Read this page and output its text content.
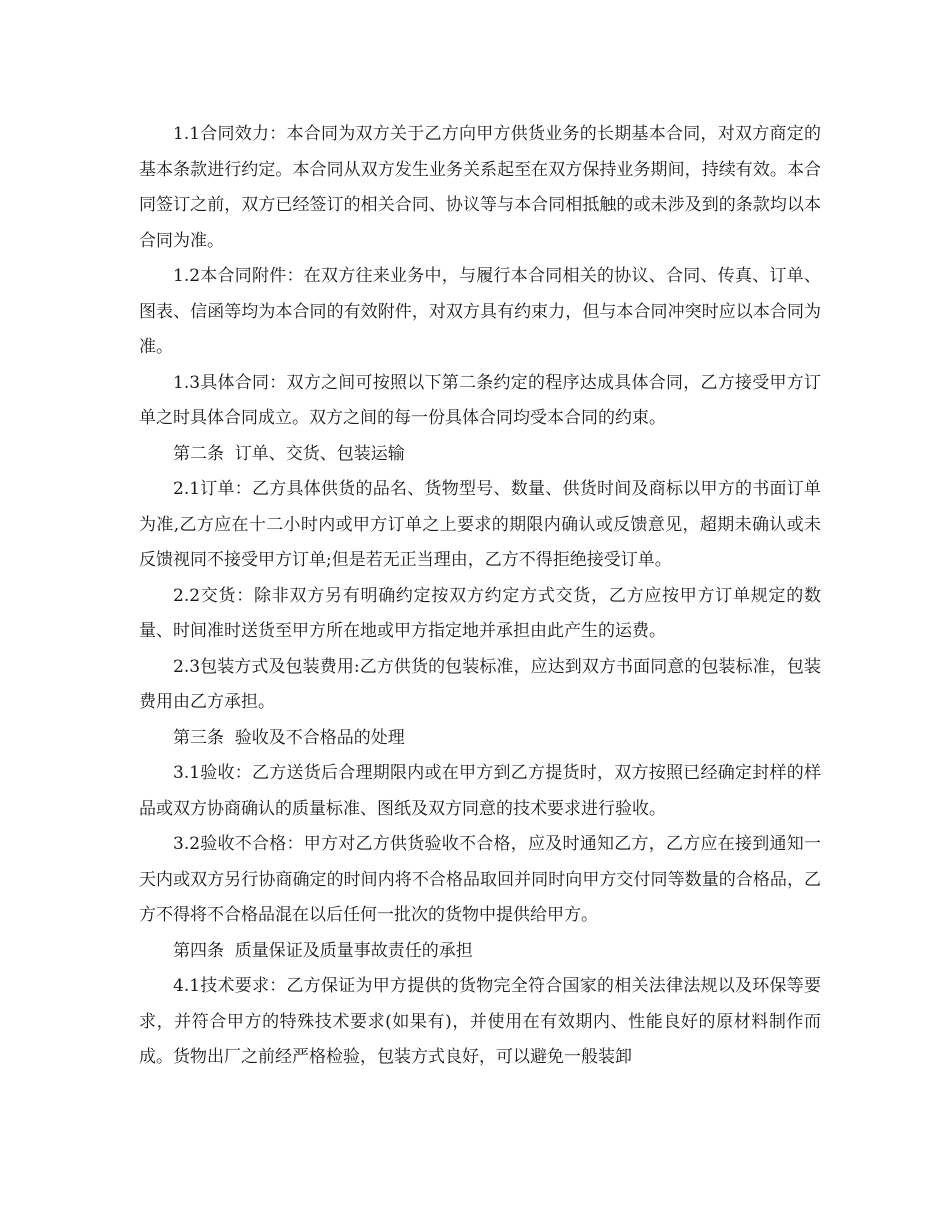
1.1合同效力：本合同为双方关于乙方向甲方供货业务的长期基本合同，对双方商定的基本条款进行约定。本合同从双方发生业务关系起至在双方保持业务期间，持续有效。本合同签订之前，双方已经签订的相关合同、协议等与本合同相抵触的或未涉及到的条款均以本合同为准。

1.2本合同附件：在双方往来业务中，与履行本合同相关的协议、合同、传真、订单、图表、信函等均为本合同的有效附件，对双方具有约束力，但与本合同冲突时应以本合同为准。

1.3具体合同：双方之间可按照以下第二条约定的程序达成具体合同，乙方接受甲方订单之时具体合同成立。双方之间的每一份具体合同均受本合同的约束。

第二条  订单、交货、包装运输

2.1订单：乙方具体供货的品名、货物型号、数量、供货时间及商标以甲方的书面订单为准,乙方应在十二小时内或甲方订单之上要求的期限内确认或反馈意见，超期未确认或未反馈视同不接受甲方订单;但是若无正当理由，乙方不得拒绝接受订单。

2.2交货：除非双方另有明确约定按双方约定方式交货，乙方应按甲方订单规定的数量、时间准时送货至甲方所在地或甲方指定地并承担由此产生的运费。

2.3包装方式及包装费用:乙方供货的包装标准，应达到双方书面同意的包装标准，包装费用由乙方承担。

第三条  验收及不合格品的处理

3.1验收：乙方送货后合理期限内或在甲方到乙方提货时，双方按照已经确定封样的样品或双方协商确认的质量标准、图纸及双方同意的技术要求进行验收。

3.2验收不合格：甲方对乙方供货验收不合格，应及时通知乙方，乙方应在接到通知一天内或双方另行协商确定的时间内将不合格品取回并同时向甲方交付同等数量的合格品，乙方不得将不合格品混在以后任何一批次的货物中提供给甲方。

第四条  质量保证及质量事故责任的承担

4.1技术要求：乙方保证为甲方提供的货物完全符合国家的相关法律法规以及环保等要求，并符合甲方的特殊技术要求(如果有)，并使用在有效期内、性能良好的原材料制作而成。货物出厂之前经严格检验，包装方式良好，可以避免一般装卸
